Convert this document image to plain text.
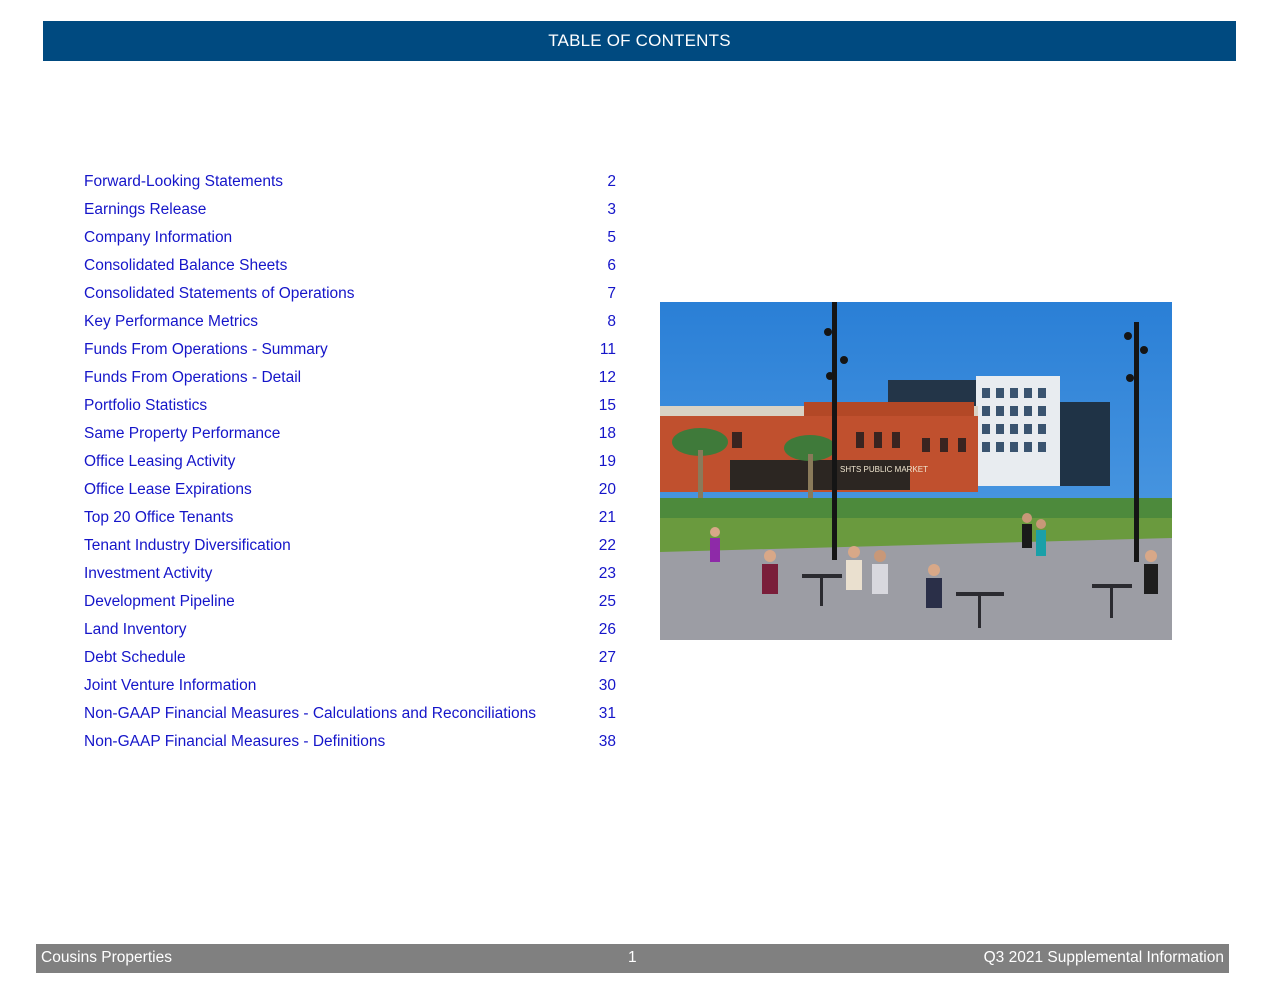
TABLE OF CONTENTS
Forward-Looking Statements	2
Earnings Release	3
Company Information	5
Consolidated Balance Sheets	6
Consolidated Statements of Operations	7
Key Performance Metrics	8
Funds From Operations - Summary	11
Funds From Operations - Detail	12
Portfolio Statistics	15
Same Property Performance	18
Office Leasing Activity	19
Office Lease Expirations	20
Top 20 Office Tenants	21
Tenant Industry Diversification	22
Investment Activity	23
Development Pipeline	25
Land Inventory	26
Debt Schedule	27
Joint Venture Information	30
Non-GAAP Financial Measures - Calculations and Reconciliations	31
Non-GAAP Financial Measures - Definitions	38
SHTS PUBLIC MARKET
Cousins Properties	1	Q3 2021 Supplemental Information
